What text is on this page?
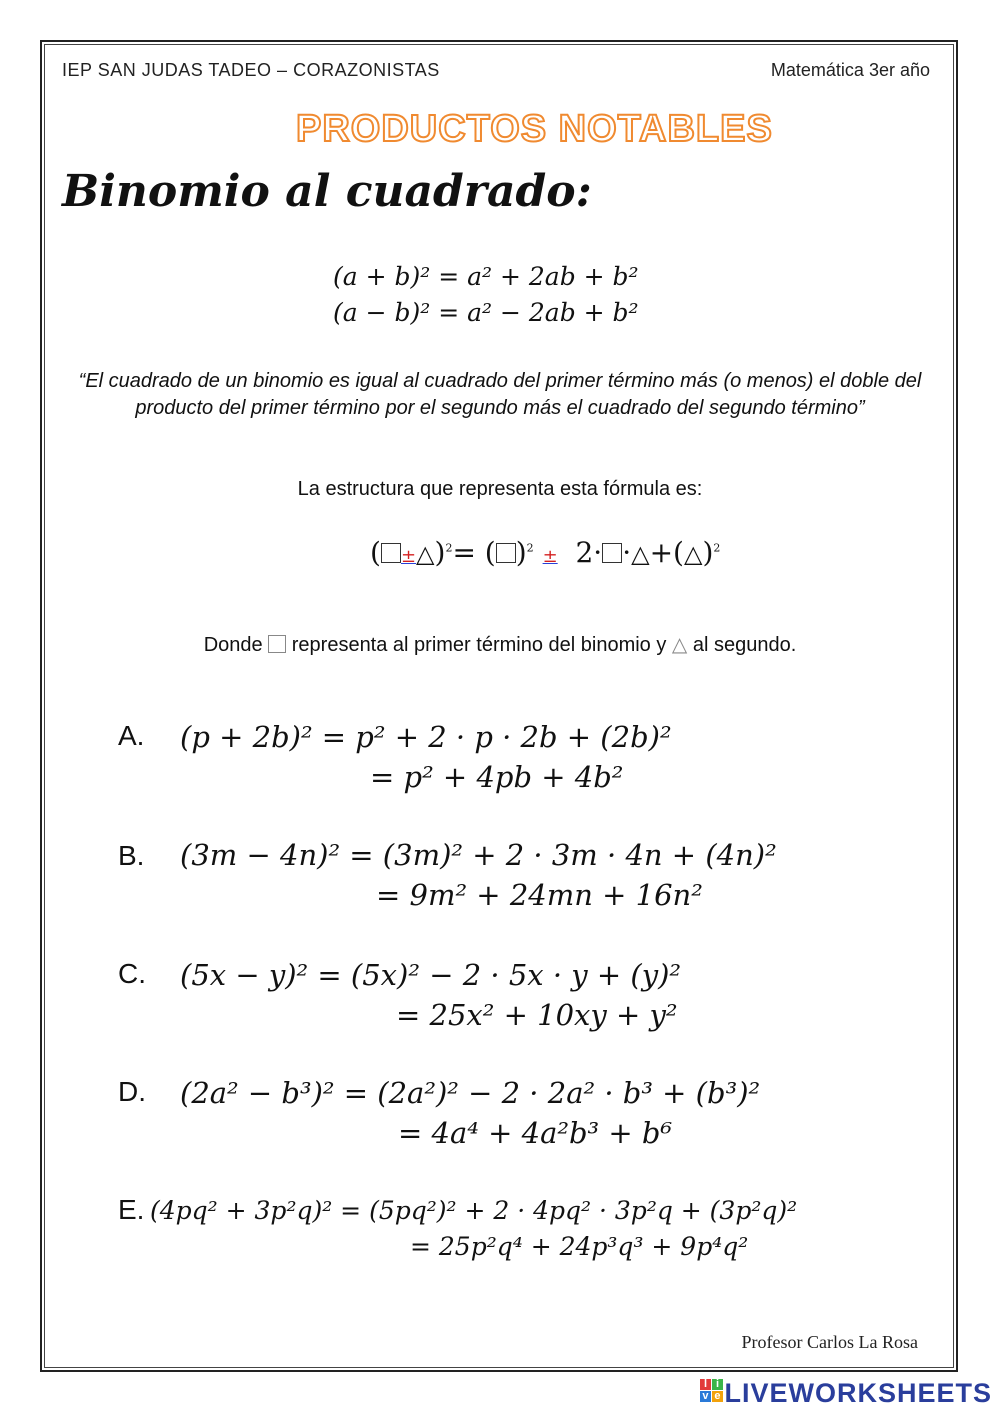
IEP SAN JUDAS TADEO – CORAZONISTAS	Matemática 3er año
PRODUCTOS NOTABLES
Binomio al cuadrado:
(a + b)² = a² + 2ab + b²
(a − b)² = a² − 2ab + b²
“El cuadrado de un binomio es igual al cuadrado del primer término más (o menos) el doble del producto del primer término por el segundo más el cuadrado del segundo término”
La estructura que representa esta fórmula es:
( ±△)$^2$= ( )$^2$ ± 2· ·△+(△)$^2$
Donde representa al primer término del binomio y △ al segundo.
A. (p + 2b)² = p² + 2 · p · 2b + (2b)²
= p² + 4pb + 4b²
B. (3m − 4n)² = (3m)² + 2 · 3m · 4n + (4n)²
= 9m² + 24mn + 16n²
C. (5x − y)² = (5x)² − 2 · 5x · y + (y)²
= 25x² + 10xy + y²
D. (2a² − b³)² = (2a²)² − 2 · 2a² · b³ + (b³)²
= 4a⁴ + 4a²b³ + b⁶
E. (4pq² + 3p²q)² = (5pq²)² + 2 · 4pq² · 3p²q + (3p²q)²
= 25p²q⁴ + 24p³q³ + 9p⁴q²
Profesor Carlos La Rosa
l i
v e LIVEWORKSHEETS
